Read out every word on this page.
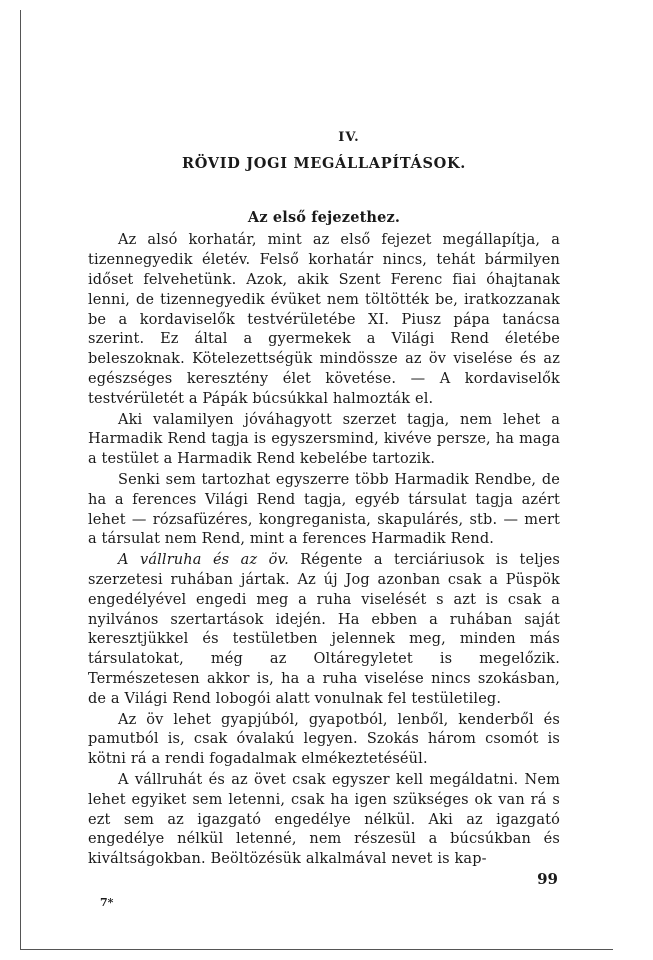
IV.
RÖVID JOGI MEGÁLLAPÍTÁSOK.
Az első fejezethez.

Az alsó korhatár, mint az első fejezet megállapítja, a tizennegyedik életév. Felső korhatár nincs, tehát bármilyen időset felvehetünk. Azok, akik Szent Ferenc fiai óhajtanak lenni, de tizennegyedik évüket nem töltötték be, iratkozzanak be a kordaviselők testvérületébe XI. Piusz pápa tanácsa szerint. Ez által a gyermekek a Világi Rend életébe beleszoknak. Kötelezettségük mindössze az öv viselése és az egészséges keresztény élet követése. — A kordaviselők testvérületét a Pápák búcsúkkal halmozták el.

Aki valamilyen jóváhagyott szerzet tagja, nem lehet a Harmadik Rend tagja is egyszersmind, kivéve persze, ha maga a testület a Harmadik Rend kebelébe tartozik.

Senki sem tartozhat egyszerre több Harmadik Rendbe, de ha a ferences Világi Rend tagja, egyéb társulat tagja azért lehet — rózsafüzéres, kongreganista, skapulárés, stb. — mert a társulat nem Rend, mint a ferences Harmadik Rend.

A vállruha és az öv. Régente a terciáriusok is teljes szerzetesi ruhában jártak. Az új Jog azonban csak a Püspök engedélyével engedi meg a ruha viselését s azt is csak a nyilvános szertartások idején. Ha ebben a ruhában saját keresztjükkel és testületben jelennek meg, minden más társulatokat, még az Oltáregyletet is megelőzik. Természetesen akkor is, ha a ruha viselése nincs szokásban, de a Világi Rend lobogói alatt vonulnak fel testületileg.

Az öv lehet gyapjúból, gyapotból, lenből, kenderből és pamutból is, csak óvalakú legyen. Szokás három csomót is kötni rá a rendi fogadalmak elmékeztetéséül.

A vállruhát és az övet csak egyszer kell megáldatni. Nem lehet egyiket sem letenni, csak ha igen szükséges ok van rá s ezt sem az igazgató engedélye nélkül. Aki az igazgató engedélye nélkül letenné, nem részesül a búcsúkban és kiváltságokban. Beöltözésük alkalmával nevet is kap-

7*
99
